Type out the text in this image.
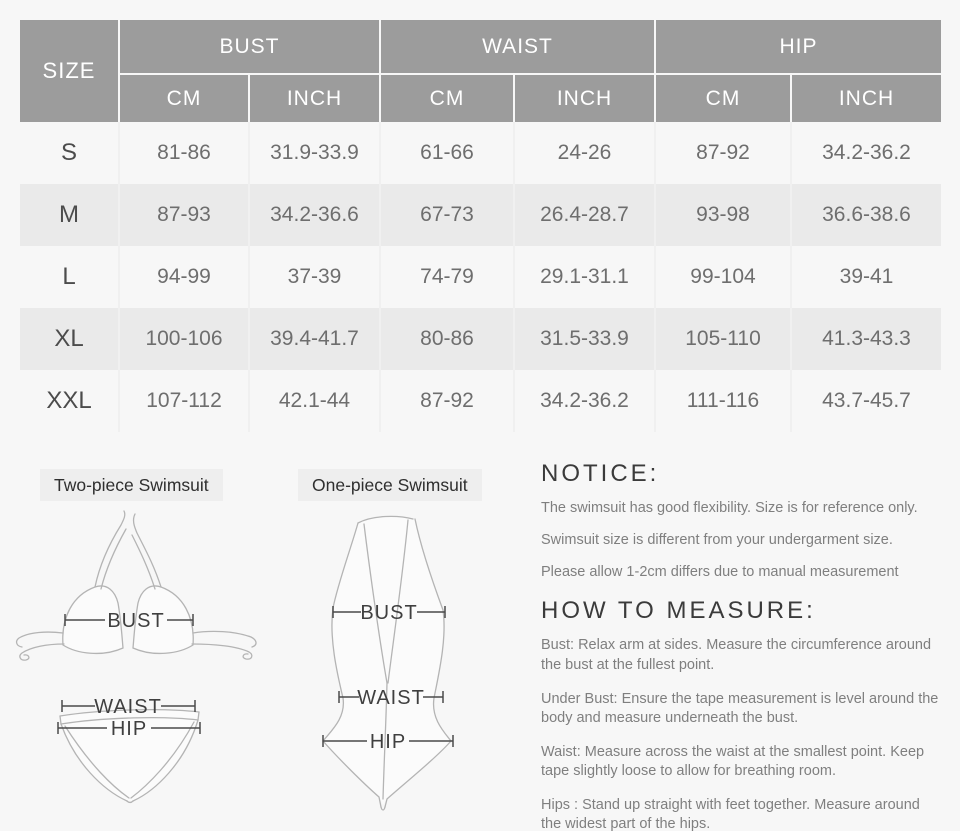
SIZE
BUST	WAIST	HIP
CM	INCH	CM	INCH	CM	INCH
S	81-86	31.9-33.9	61-66	24-26	87-92	34.2-36.2
M	87-93	34.2-36.6	67-73	26.4-28.7	93-98	36.6-38.6
L	94-99	37-39	74-79	29.1-31.1	99-104	39-41
XL	100-106	39.4-41.7	80-86	31.5-33.9	105-110	41.3-43.3
XXL	107-112	42.1-44	87-92	34.2-36.2	111-116	43.7-45.7
Two-piece Swimsuit	One-piece Swimsuit
BUST
WAIST
HIP
BUST
WAIST
HIP
NOTICE:
The swimsuit has good flexibility. Size is for reference only.
Swimsuit size is different from your undergarment size.
Please allow 1-2cm differs due to manual measurement
HOW TO MEASURE:
Bust: Relax arm at sides. Measure the circumference around the bust at the fullest point.
Under Bust: Ensure the tape measurement is level around the body and measure underneath the bust.
Waist: Measure across the waist at the smallest point. Keep tape slightly loose to allow for breathing room.
Hips : Stand up straight with feet together. Measure around the widest part of the hips.
